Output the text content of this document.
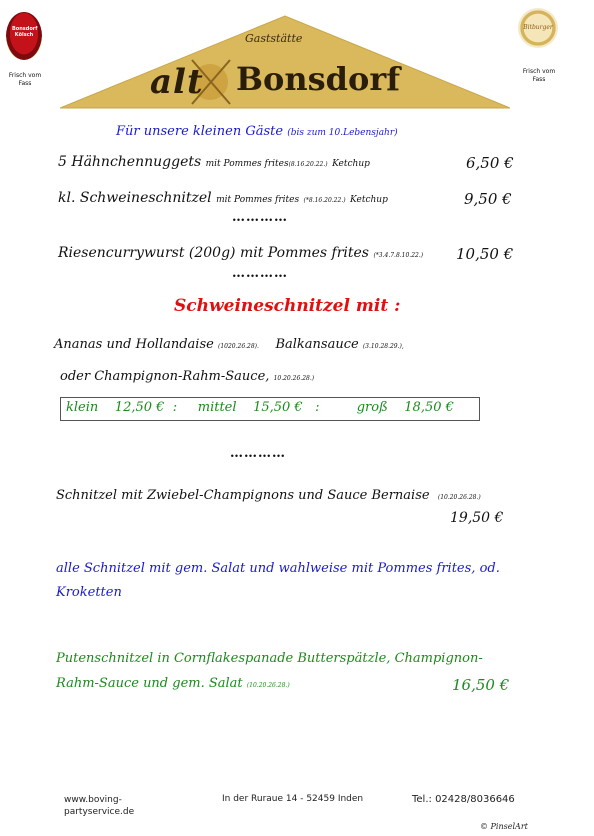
Bonsdorf Kölsch
Frisch vom
Fass
Gaststätte
alt Bonsdorf
Bitburger
Frisch vom
Fass
Für unsere kleinen Gäste (bis zum 10.Lebensjahr)
5 Hähnchennuggets mit Pommes frites(8.16.20.22.) Ketchup	6,50 €
kl. Schweineschnitzel mit Pommes frites (*8.16.20.22.) Ketchup	9,50 €
…………
Riesencurrywurst (200g) mit Pommes frites (*3.4.7.8.10.22.) 10,50 €
…………
Schweineschnitzel mit :
Ananas und Hollandaise (1020.26.28). Balkansauce (3.10.28.29.),
oder Champignon-Rahm-Sauce, 10.20.26.28.)
klein 12,50 € : mittel 15,50 € :	groß 18,50 €
…………
Schnitzel mit Zwiebel-Champignons und Sauce Bernaise (10.20.26.28.)
19,50 €
alle Schnitzel mit gem. Salat und wahlweise mit Pommes frites, od.
Kroketten
Putenschnitzel in Cornflakespanade Butterspätzle, Champignon-
Rahm-Sauce und gem. Salat (10.20.26.28.)	16,50 €
www.boving-
partyservice.de
In der Ruraue 14 - 52459 Inden	Tel.: 02428/8036646
© PinselArt
